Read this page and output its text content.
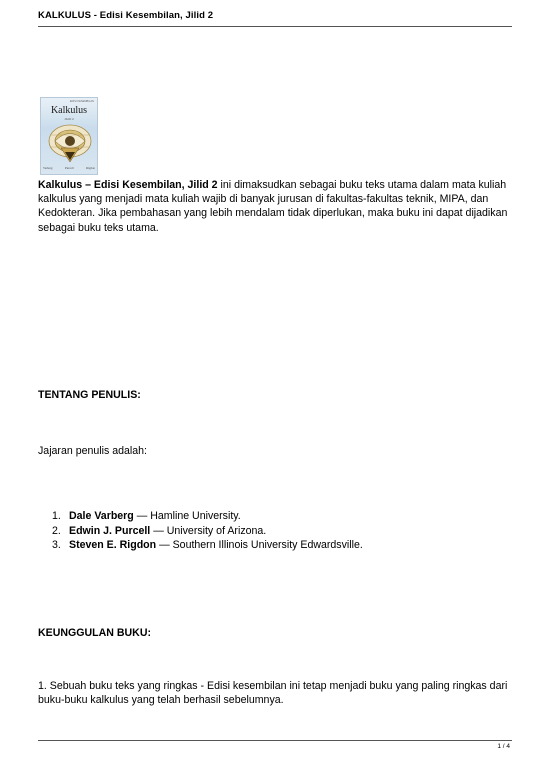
KALKULUS - Edisi Kesembilan, Jilid 2
EDISI KESEMBILAN
Kalkulus
JILID 2
Varberg	Purcell	Rigdon
Kalkulus – Edisi Kesembilan, Jilid 2 ini dimaksudkan sebagai buku teks utama dalam mata kuliah kalkulus yang menjadi mata kuliah wajib di banyak jurusan di fakultas-fakultas teknik, MIPA, dan Kedokteran. Jika pembahasan yang lebih mendalam tidak diperlukan, maka buku ini dapat dijadikan sebagai buku teks utama.
TENTANG PENULIS:
Jajaran penulis adalah:
1. Dale Varberg — Hamline University.
2. Edwin J. Purcell — University of Arizona.
3. Steven E. Rigdon — Southern Illinois University Edwardsville.
KEUNGGULAN BUKU:
1. Sebuah buku teks yang ringkas - Edisi kesembilan ini tetap menjadi buku yang paling ringkas dari buku-buku kalkulus yang telah berhasil sebelumnya.
1 / 4
